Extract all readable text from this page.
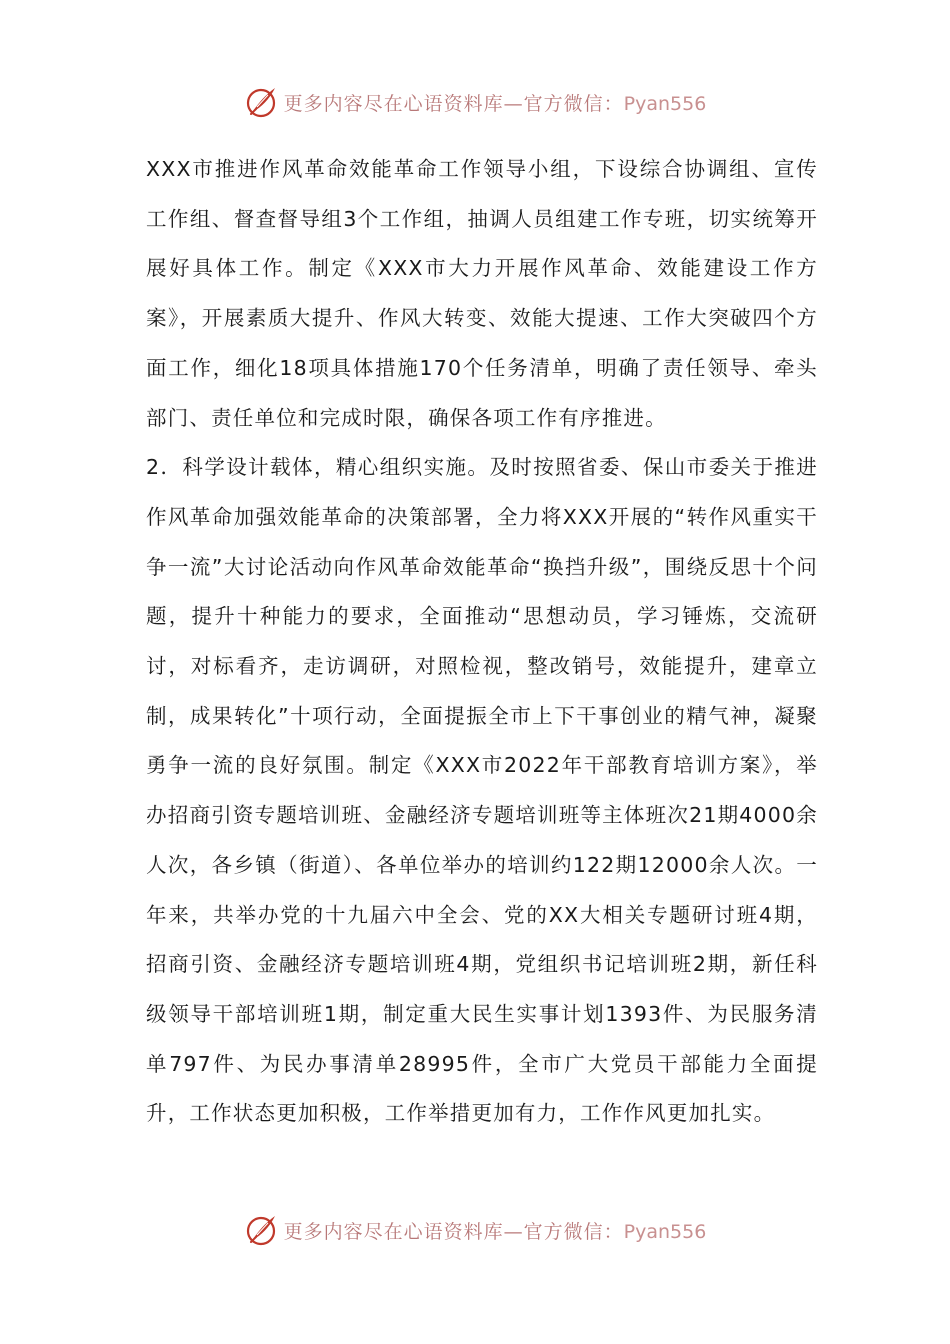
更多内容尽在心语资料库—官方微信：Pyan556

XXX市推进作风革命效能革命工作领导小组，下设综合协调组、宣传工作组、督查督导组3个工作组，抽调人员组建工作专班，切实统筹开展好具体工作。制定《XXX市大力开展作风革命、效能建设工作方案》，开展素质大提升、作风大转变、效能大提速、工作大突破四个方面工作，细化18项具体措施170个任务清单，明确了责任领导、牵头部门、责任单位和完成时限，确保各项工作有序推进。

2．科学设计载体，精心组织实施。及时按照省委、保山市委关于推进作风革命加强效能革命的决策部署，全力将XXX开展的“转作风重实干争一流”大讨论活动向作风革命效能革命“换挡升级”，围绕反思十个问题，提升十种能力的要求，全面推动“思想动员，学习锤炼，交流研讨，对标看齐，走访调研，对照检视，整改销号，效能提升，建章立制，成果转化”十项行动，全面提振全市上下干事创业的精气神，凝聚勇争一流的良好氛围。制定《XXX市2022年干部教育培训方案》，举办招商引资专题培训班、金融经济专题培训班等主体班次21期4000余人次，各乡镇（街道）、各单位举办的培训约122期12000余人次。一年来，共举办党的十九届六中全会、党的XX大相关专题研讨班4期，招商引资、金融经济专题培训班4期，党组织书记培训班2期，新任科级领导干部培训班1期，制定重大民生实事计划1393件、为民服务清单797件、为民办事清单28995件，全市广大党员干部能力全面提升，工作状态更加积极，工作举措更加有力，工作作风更加扎实。

更多内容尽在心语资料库—官方微信：Pyan556
